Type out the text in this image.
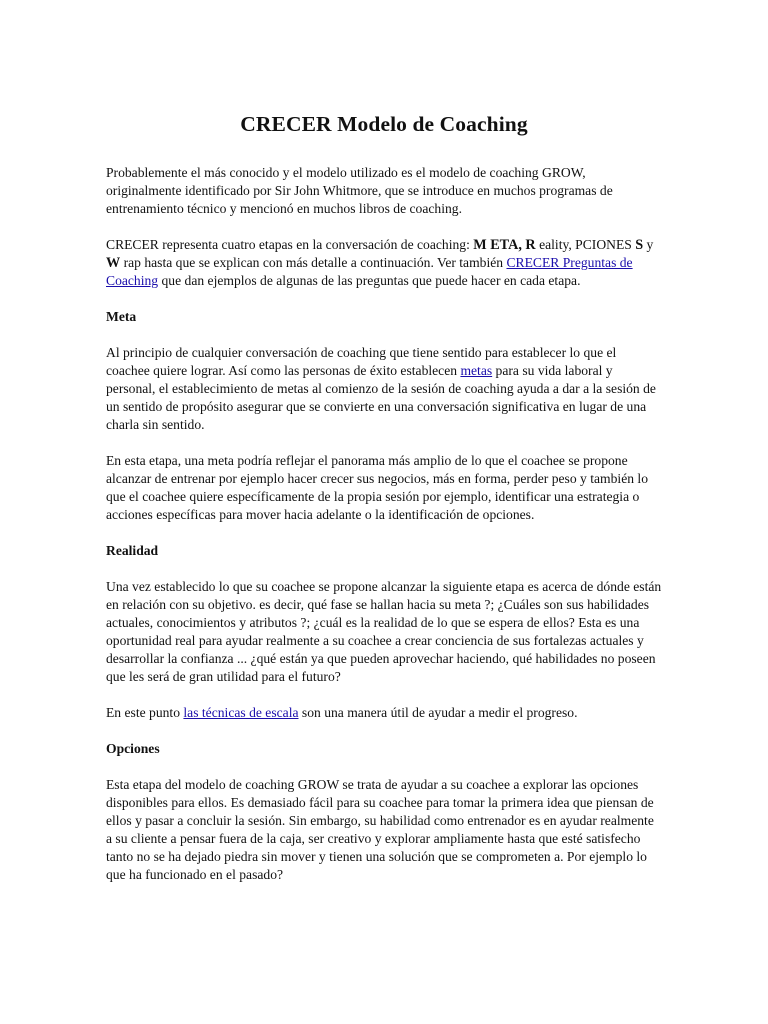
CRECER Modelo de Coaching

Probablemente el más conocido y el modelo utilizado es el modelo de coaching GROW, originalmente identificado por Sir John Whitmore, que se introduce en muchos programas de entrenamiento técnico y mencionó en muchos libros de coaching.

CRECER representa cuatro etapas en la conversación de coaching: M ETA, R eality, PCIONES S y W rap hasta que se explican con más detalle a continuación. Ver también CRECER Preguntas de Coaching que dan ejemplos de algunas de las preguntas que puede hacer en cada etapa.

Meta

Al principio de cualquier conversación de coaching que tiene sentido para establecer lo que el coachee quiere lograr. Así como las personas de éxito establecen metas para su vida laboral y personal, el establecimiento de metas al comienzo de la sesión de coaching ayuda a dar a la sesión de un sentido de propósito asegurar que se convierte en una conversación significativa en lugar de una charla sin sentido.

En esta etapa, una meta podría reflejar el panorama más amplio de lo que el coachee se propone alcanzar de entrenar por ejemplo hacer crecer sus negocios, más en forma, perder peso y también lo que el coachee quiere específicamente de la propia sesión por ejemplo, identificar una estrategia o acciones específicas para mover hacia adelante o la identificación de opciones.

Realidad

Una vez establecido lo que su coachee se propone alcanzar la siguiente etapa es acerca de dónde están en relación con su objetivo. es decir, qué fase se hallan hacia su meta ?; ¿Cuáles son sus habilidades actuales, conocimientos y atributos ?; ¿cuál es la realidad de lo que se espera de ellos? Esta es una oportunidad real para ayudar realmente a su coachee a crear conciencia de sus fortalezas actuales y desarrollar la confianza ... ¿qué están ya que pueden aprovechar haciendo, qué habilidades no poseen que les será de gran utilidad para el futuro?

En este punto las técnicas de escala son una manera útil de ayudar a medir el progreso.

Opciones

Esta etapa del modelo de coaching GROW se trata de ayudar a su coachee a explorar las opciones disponibles para ellos. Es demasiado fácil para su coachee para tomar la primera idea que piensan de ellos y pasar a concluir la sesión. Sin embargo, su habilidad como entrenador es en ayudar realmente a su cliente a pensar fuera de la caja, ser creativo y explorar ampliamente hasta que esté satisfecho tanto no se ha dejado piedra sin mover y tienen una solución que se comprometen a. Por ejemplo lo que ha funcionado en el pasado?
